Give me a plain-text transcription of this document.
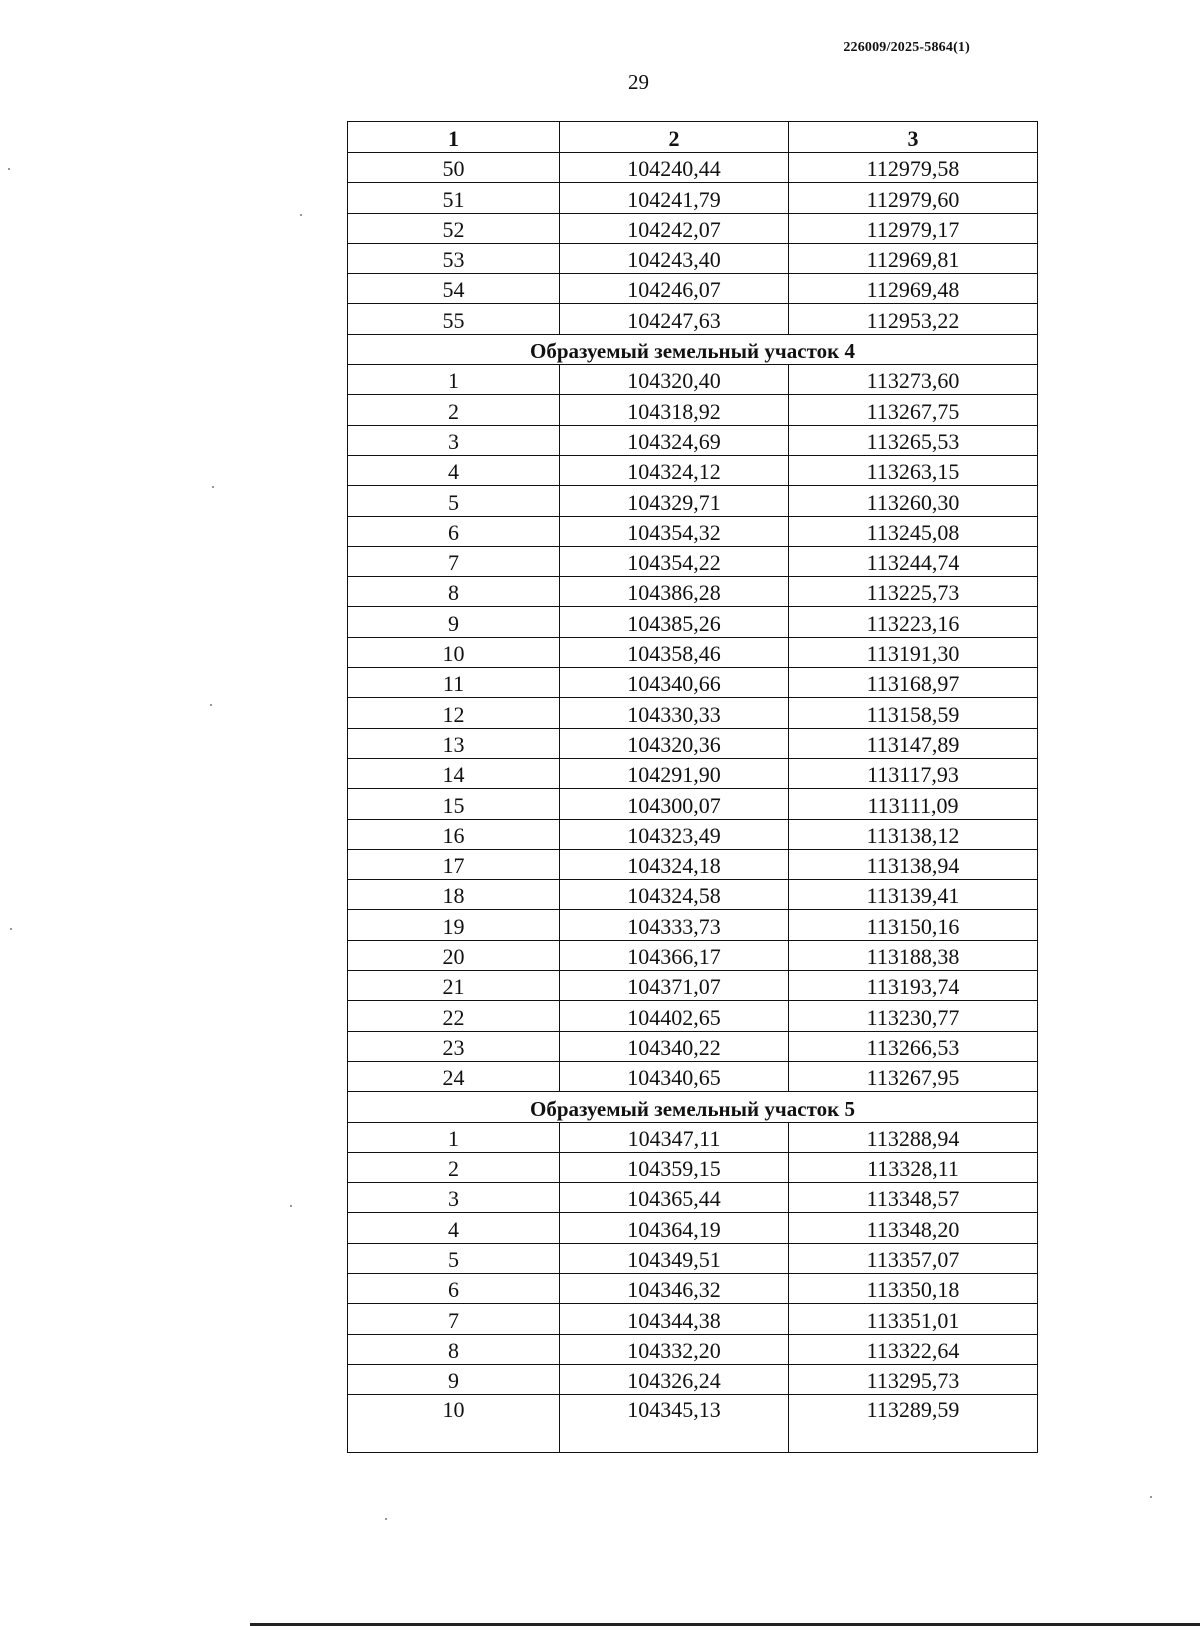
226009/2025-5864(1)
29
1	2	3
50	104240,44	112979,58
51	104241,79	112979,60
52	104242,07	112979,17
53	104243,40	112969,81
54	104246,07	112969,48
55	104247,63	112953,22
Образуемый земельный участок 4		
1	104320,40	113273,60
2	104318,92	113267,75
3	104324,69	113265,53
4	104324,12	113263,15
5	104329,71	113260,30
6	104354,32	113245,08
7	104354,22	113244,74
8	104386,28	113225,73
9	104385,26	113223,16
10	104358,46	113191,30
11	104340,66	113168,97
12	104330,33	113158,59
13	104320,36	113147,89
14	104291,90	113117,93
15	104300,07	113111,09
16	104323,49	113138,12
17	104324,18	113138,94
18	104324,58	113139,41
19	104333,73	113150,16
20	104366,17	113188,38
21	104371,07	113193,74
22	104402,65	113230,77
23	104340,22	113266,53
24	104340,65	113267,95
Образуемый земельный участок 5		
1	104347,11	113288,94
2	104359,15	113328,11
3	104365,44	113348,57
4	104364,19	113348,20
5	104349,51	113357,07
6	104346,32	113350,18
7	104344,38	113351,01
8	104332,20	113322,64
9	104326,24	113295,73
10	104345,13	113289,59
